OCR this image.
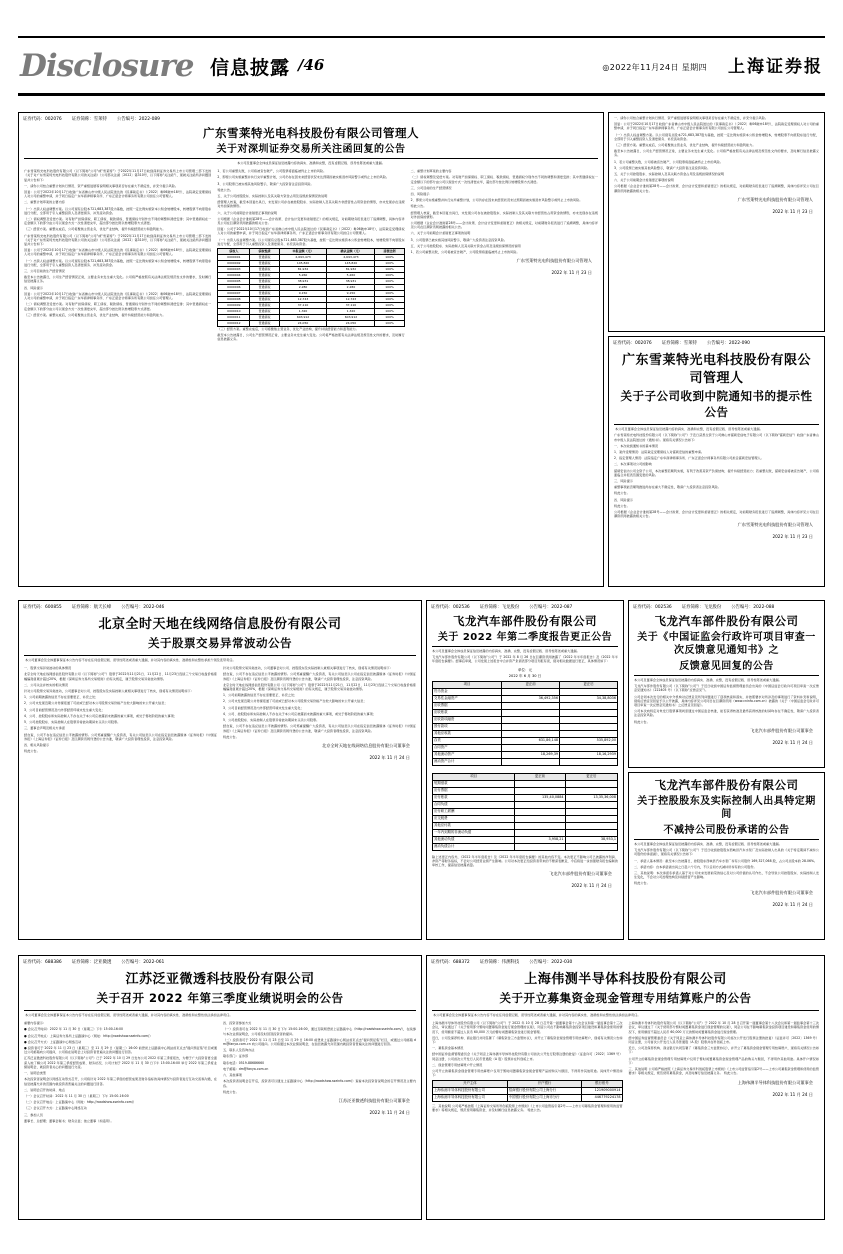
Disclosure 信息披露 /46	◎2022年11月24日 星期四 上海证券报
证券代码：002076 证券简称：雪莱特 公告编号：2022-089
广东雪莱特光电科技股份有限公司管理人
关于对深圳证券交易所关注函回复的公告
本公司及董事会全体成员保证信息披露内容的真实、准确和完整，没有虚假记载、误导性陈述或重大遗漏。
广东雪莱特光电科技股份有限公司（以下简称"公司"或"雪莱特"）于2022年11月17日收到深圳证券交易所上市公司管理二部下发的《关于对广东雪莱特光电科技股份有限公司的关注函》（公司部关注函〔2022〕第310号，以下简称"关注函"），现就关注函所涉问题回复并公告如下：
一、请你公司结合重整计划执行情况、资产重组进展等说明相关事项是否存在重大不确定性，并充分提示风险。
回复：公司于2022年10月17日收到广东省佛山市中级人民法院送达的《民事裁定书》（〔2022〕粤06破申18号），法院裁定受理债权人对公司的重整申请，并于同日指定广东华商律师事务所、广东正诺会计师事务所有限公司担任公司管理人。
二、重整计划草案的主要内容
（一）出资人权益调整方案。以公司现有总股本721,683,387股为基数，按照一定比例实施资本公积金转增股本，转增股票不向原股东进行分配，全部用于引入重整投资人及清偿债务、补充流动资金。
（二）债权调整及受偿方案。对有财产担保债权、职工债权、税款债权、普通债权分别作出不同的调整和清偿安排；其中普通债权在一定金额以下的部分由公司以现金方式一次性清偿完毕，超出部分按比例以转增股票方式清偿。
（三）经营方案。重整完成后，公司将聚焦主营业务，优化产业结构，提升持续经营能力和盈利能力。
广东雪莱特光电科技股份有限公司（以下简称"公司"或"雪莱特"）于2022年11月17日收到深圳证券交易所上市公司管理二部下发的《关于对广东雪莱特光电科技股份有限公司的关注函》（公司部关注函〔2022〕第310号，以下简称"关注函"），现就关注函所涉问题回复并公告如下：
回复：公司于2022年10月17日收到广东省佛山市中级人民法院送达的《民事裁定书》（〔2022〕粤06破申18号），法院裁定受理债权人对公司的重整申请，并于同日指定广东华商律师事务所、广东正诺会计师事务所有限公司担任公司管理人。
（一）出资人权益调整方案。以公司现有总股本721,683,387股为基数，按照一定比例实施资本公积金转增股本，转增股票不向原股东进行分配，全部用于引入重整投资人及清偿债务、补充流动资金。
三、公司目前的生产经营情况
截至本公告披露日，公司生产经营情况正常，主要业务未发生重大变化。公司将严格按照有关法律法规及规范性文件的要求，及时履行信息披露义务。
四、风险提示
回复：公司于2022年10月17日收到广东省佛山市中级人民法院送达的《民事裁定书》（〔2022〕粤06破申18号），法院裁定受理债权人对公司的重整申请，并于同日指定广东华商律师事务所、广东正诺会计师事务所有限公司担任公司管理人。
（二）债权调整及受偿方案。对有财产担保债权、职工债权、税款债权、普通债权分别作出不同的调整和清偿安排；其中普通债权在一定金额以下的部分由公司以现金方式一次性清偿完毕，超出部分按比例以转增股票方式清偿。
（三）经营方案。重整完成后，公司将聚焦主营业务，优化产业结构，提升持续经营能力和盈利能力。
1、若公司重整失败，公司将被宣告破产，公司股票将面临被终止上市的风险。
2、即使公司实施重整并执行完毕重整计划，公司仍存在因未来经营状况未达预期而被实施退市风险警示或终止上市的风险。
3、公司股票已被实施其他风险警示，敬请广大投资者注意投资风险。
特此公告。
五、关于公司控股股东、实际控制人及其关联方资金占用及违规担保情况的说明
经管理人核查，截至本回复出具日，未发现公司存在被控股股东、实际控制人及其关联方非经营性占用资金的情形，亦未发现存在违规对外担保的情形。
六、关于公司前期会计差错更正事项的说明
公司根据《企业会计准则第28号——会计政策、会计估计变更和差错更正》的相关规定，对前期财务报表进行了追溯调整，具体内容详见公司在巨潮资讯网披露的相关公告。
回复：公司于2022年10月17日收到广东省佛山市中级人民法院送达的《民事裁定书》（〔2022〕粤06破申18号），法院裁定受理债权人对公司的重整申请，并于同日指定广东华商律师事务所、广东正诺会计师事务所有限公司担任公司管理人。
（一）出资人权益调整方案。以公司现有总股本721,683,387股为基数，按照一定比例实施资本公积金转增股本，转增股票不向原股东进行分配，全部用于引入重整投资人及清偿债务、补充流动资金。
债权人	债权性质	申报金额（元）	确认金额（元）	清偿比例
0000001	普通债权	2,693,473	2,693,473	100%
0000002	普通债权	145,820	145,820	100%
0000003	普通债权	81,932	81,932	100%
0000004	普通债权	5,260	5,260	100%
0000005	普通债权	38,931	38,931	100%
0000006	普通债权	2,280	2,280	100%
0000007	普通债权	9,150	9,150	100%
0000008	普通债权	12,743	12,743	100%
0000009	普通债权	37,110	37,110	100%
0000010	普通债权	1,320	1,320	100%
0000011	普通债权	603,912	603,912	100%
0000012	普通债权	24,050	24,050	100%
（三）经营方案。重整完成后，公司将聚焦主营业务，优化产业结构，提升持续经营能力和盈利能力。
截至本公告披露日，公司生产经营情况正常，主要业务未发生重大变化。公司将严格按照有关法律法规及规范性文件的要求，及时履行信息披露义务。
二、重整计划草案的主要内容
（二）债权调整及受偿方案。对有财产担保债权、职工债权、税款债权、普通债权分别作出不同的调整和清偿安排；其中普通债权在一定金额以下的部分由公司以现金方式一次性清偿完毕，超出部分按比例以转增股票方式清偿。
三、公司目前的生产经营情况
四、风险提示
2、即使公司实施重整并执行完毕重整计划，公司仍存在因未来经营状况未达预期而被实施退市风险警示或终止上市的风险。
特此公告。
经管理人核查，截至本回复出具日，未发现公司存在被控股股东、实际控制人及其关联方非经营性占用资金的情形，亦未发现存在违规对外担保的情形。
公司根据《企业会计准则第28号——会计政策、会计估计变更和差错更正》的相关规定，对前期财务报表进行了追溯调整，具体内容详见公司在巨潮资讯网披露的相关公告。
六、关于公司前期会计差错更正事项的说明
3、公司股票已被实施其他风险警示，敬请广大投资者注意投资风险。
五、关于公司控股股东、实际控制人及其关联方资金占用及违规担保情况的说明
1、若公司重整失败，公司将被宣告破产，公司股票将面临被终止上市的风险。
广东雪莱特光电科技股份有限公司管理人
2022 年 11 月 23 日
一、请你公司结合重整计划执行情况、资产重组进展等说明相关事项是否存在重大不确定性，并充分提示风险。
回复：公司于2022年10月17日收到广东省佛山市中级人民法院送达的《民事裁定书》（〔2022〕粤06破申18号），法院裁定受理债权人对公司的重整申请，并于同日指定广东华商律师事务所、广东正诺会计师事务所有限公司担任公司管理人。
（一）出资人权益调整方案。以公司现有总股本721,683,387股为基数，按照一定比例实施资本公积金转增股本，转增股票不向原股东进行分配，全部用于引入重整投资人及清偿债务、补充流动资金。
（三）经营方案。重整完成后，公司将聚焦主营业务，优化产业结构，提升持续经营能力和盈利能力。
截至本公告披露日，公司生产经营情况正常，主要业务未发生重大变化。公司将严格按照有关法律法规及规范性文件的要求，及时履行信息披露义务。
1、若公司重整失败，公司将被宣告破产，公司股票将面临被终止上市的风险。
3、公司股票已被实施其他风险警示，敬请广大投资者注意投资风险。
五、关于公司控股股东、实际控制人及其关联方资金占用及违规担保情况的说明
六、关于公司前期会计差错更正事项的说明
公司根据《企业会计准则第28号——会计政策、会计估计变更和差错更正》的相关规定，对前期财务报表进行了追溯调整，具体内容详见公司在巨潮资讯网披露的相关公告。
广东雪莱特光电科技股份有限公司管理人
2022 年 11 月 23 日
证券代码：002076 证券简称：雪莱特 公告编号：2022-090
广东雪莱特光电科技股份有限公司管理人
关于子公司收到中院通知书的提示性公告
本公司及董事会全体成员保证信息披露内容的真实、准确和完整，没有虚假记载、误导性陈述或重大遗漏。
广东雪莱特光电科技股份有限公司（以下简称"公司"）于近日获悉全资子公司佛山市富硕宏信电子有限公司（以下简称"富硕宏信"）收到广东省佛山市中级人民法院送达的《通知书》。现将有关情况公告如下：
一、本次收到通知书的基本情况
1、案件受理情况：法院裁定受理债权人对富硕宏信的重整申请。
2、指定管理人情况：法院指定广东华商律师事务所、广东正诺会计师事务所有限公司担任富硕宏信管理人。
二、本次事项对公司的影响
富硕宏信为公司全资子公司，本次重整若顺利实施，有利于改善其资产负债结构，提升持续经营能力；若重整失败，富硕宏信将被宣告破产，公司将面临合并报表范围变更的风险。
三、风险提示
重整事项能否顺利推进尚存在重大不确定性，敬请广大投资者注意投资风险。
特此公告。
四、风险提示
特此公告。
公司根据《企业会计准则第28号——会计政策、会计估计变更和差错更正》的相关规定，对前期财务报表进行了追溯调整，具体内容详见公司在巨潮资讯网披露的相关公告。
广东雪莱特光电科技股份有限公司管理人
2022 年 11 月 23 日
证券代码：600855 证券简称：航天长峰 公告编号：2022-046
北京全时天地在线网络信息股份有限公司
关于股票交易异常波动公告
本公司董事会及全体董事保证本公告内容不存在任何虚假记载、误导性陈述或者重大遗漏，并对其内容的真实性、准确性和完整性承担个别及连带责任。
一、股票交易异常波动的具体情况
北京全时天地在线网络信息股份有限公司（以下简称"公司"）股票于2022年11月21日、11月22日、11月23日连续三个交易日收盘价格涨幅偏离值累计超过20%，根据《深圳证券交易所交易规则》的有关规定，属于股票交易异常波动情形。
二、公司关注并核实的相关情况
针对公司股票交易异常波动，公司董事会对公司、控股股东及实际控制人就相关事项进行了核实，现将有关情况说明如下：
1、公司前期披露的信息不存在需要更正、补充之处；
2、公司未发现近期公共传媒报道了可能或已经对本公司股票交易价格产生较大影响的未公开重大信息；
3、公司目前经营情况及内外部经营环境未发生重大变化；
4、公司、控股股东和实际控制人不存在关于本公司应披露而未披露的重大事项，或处于筹划阶段的重大事项；
5、公司控股股东、实际控制人在股票异常波动期间未买卖公司股票。
三、董事会声明及相关方承诺
经自查，公司不存在违反信息公平披露的情形。公司郑重提醒广大投资者，有关公司信息以公司在指定信息披露媒体《证券时报》《中国证券报》《上海证券报》《证券日报》及巨潮资讯网刊登的公告为准，敬请广大投资者理性投资，注意投资风险。
四、相关风险提示
特此公告。
针对公司股票交易异常波动，公司董事会对公司、控股股东及实际控制人就相关事项进行了核实，现将有关情况说明如下：
经自查，公司不存在违反信息公平披露的情形。公司郑重提醒广大投资者，有关公司信息以公司在指定信息披露媒体《证券时报》《中国证券报》《上海证券报》《证券日报》及巨潮资讯网刊登的公告为准，敬请广大投资者理性投资，注意投资风险。
北京全时天地在线网络信息股份有限公司（以下简称"公司"）股票于2022年11月21日、11月22日、11月23日连续三个交易日收盘价格涨幅偏离值累计超过20%，根据《深圳证券交易所交易规则》的有关规定，属于股票交易异常波动情形。
1、公司前期披露的信息不存在需要更正、补充之处；
2、公司未发现近期公共传媒报道了可能或已经对本公司股票交易价格产生较大影响的未公开重大信息；
3、公司目前经营情况及内外部经营环境未发生重大变化；
4、公司、控股股东和实际控制人不存在关于本公司应披露而未披露的重大事项，或处于筹划阶段的重大事项；
5、公司控股股东、实际控制人在股票异常波动期间未买卖公司股票。
经自查，公司不存在违反信息公平披露的情形。公司郑重提醒广大投资者，有关公司信息以公司在指定信息披露媒体《证券时报》《中国证券报》《上海证券报》《证券日报》及巨潮资讯网刊登的公告为准，敬请广大投资者理性投资，注意投资风险。
特此公告。
北京全时天地在线网络信息股份有限公司董事会
2022 年 11 月 24 日
证券代码：002536 证券简称：飞龙股份 公告编号：2022-087
飞龙汽车部件股份有限公司
关于 2022 年第二季度报告更正公告
本公司及董事会全体成员保证信息披露的内容真实、准确、完整，没有虚假记载、误导性陈述或重大遗漏。
飞龙汽车部件股份有限公司（以下简称"公司"）于 2022 年 8 月 26 日在巨潮资讯网披露了《2022 年半年度报告》及《2022 年半年度报告摘要》。经事后审阅，公司发现上述报告中合并资产负债表部分项目列报有误，现对相关数据进行更正，具体情况如下：
单位：元
2022 年 6 月 30 日
项目	更正前	更正后
货币资金		
交易性金融资产	36,492,356	34,38,8036
应收票据		
应收账款		
应收款项融资		
预付款项		
其他应收款		
存货	631,86,148	535,892,00
合同资产		
其他流动资产	18,269,39	18,16,2939
流动资产合计		
项目	更正前	更正后
短期借款		
应付票据		
应付账款	135,40,0884	13,35,36,008
合同负债		
应付职工薪酬		
应交税费		
其他应付款		
一年内到期的非流动负债		
其他流动负债	3,958,21	38,953,1
流动负债合计		
除上述更正内容外，《2022 年半年度报告》及《2022 年半年度报告摘要》的其他内容不变。本次更正不影响公司已披露的净利润、净资产等财务指标，不会对公司经营业绩产生影响。公司对本次更正给投资者带来的不便深表歉意，今后将进一步加强财务报告编制的审核工作，提高信息披露质量。
飞龙汽车部件股份有限公司董事会
2022 年 11 月 24 日
证券代码：002536 证券简称：飞龙股份 公告编号：2022-088
飞龙汽车部件股份有限公司
关于《中国证监会行政许可项目审查一次反馈意见通知书》之
反馈意见回复的公告
本公司及董事会全体成员保证信息披露的内容真实、准确、完整，没有虚假记载、误导性陈述或重大遗漏。
飞龙汽车部件股份有限公司（以下简称"公司"）于近日收到中国证券监督管理委员会出具的《中国证监会行政许可项目审查一次反馈意见通知书》（222405 号）（以下简称"反馈意见"）。
公司会同本次发行的相关中介机构对反馈意见所列问题进行了逐项核查和落实，并按照要求对所涉及的事项进行了资料补充和说明，现将反馈意见回复予以公开披露，具体内容详见公司同日在巨潮资讯网（www.cninfo.com.cn）披露的《关于〈中国证监会行政许可项目审查一次反馈意见通知书〉之反馈意见回复》。
公司本次向特定对象发行股票事项尚需通过中国证监会核准，能否获得核准及最终获得核准的时间均存在不确定性，敬请广大投资者注意投资风险。
特此公告。
飞龙汽车部件股份有限公司董事会
2022 年 11 月 24 日
飞龙汽车部件股份有限公司
关于控股股东及实际控制人出具特定期间
不减持公司股份承诺的公告
本公司及董事会全体成员保证信息披露的内容真实、准确、完整，没有虚假记载、误导性陈述或重大遗漏。
飞龙汽车部件股份有限公司（以下简称"公司"）于近日收到控股股东西峡县汽车水泵厂及实际控制人出具的《关于特定期间不减持公司股份的承诺函》，现将有关情况公告如下：
一、承诺人基本情况：截至本公告披露日，控股股东西峡县汽车水泵厂持有公司股份 169,327,068 股，占公司总股本的 28.06%。
二、承诺内容：自本承诺函出具之日起六个月内，不以任何方式减持所持有的公司股份。
三、其他说明：本次承诺系承诺人基于对公司未来发展前景的信心及对公司价值的认可作出，不会导致公司控股股东、实际控制人发生变化，不会对公司治理结构及持续经营产生影响。
特此公告。
飞龙汽车部件股份有限公司董事会
2022 年 11 月 24 日
证券代码：688386 证券简称：泛亚微透 公告编号：2022-061
江苏泛亚微透科技股份有限公司
关于召开 2022 年第三季度业绩说明会的公告
本公司董事会及全体董事保证本公告内容不存在任何虚假记载、误导性陈述或者重大遗漏，并对其内容的真实性、准确性和完整性依法承担法律责任。
重要内容提示：
● 会议召开时间：2022 年 11 月 30 日（星期三）下午 15:00-16:00
● 会议召开地点：上海证券交易所上证路演中心（网址：http://roadshow.sseinfo.com/）
● 会议召开方式：上证路演中心网络互动
● 投资者可于 2022 年 11 月 23 日（星期三）至 11 月 29 日（星期二）16:00 前登录上证路演中心网站首页点击"提问预征集"栏目或通过公司邮箱向公司提问，公司将在说明会上对投资者普遍关注的问题进行回答。
江苏泛亚微透科技股份有限公司（以下简称"公司"）已于 2022 年 10 月 29 日发布公司 2022 年第三季度报告，为便于广大投资者更全面深入地了解公司 2022 年第三季度经营成果、财务状况，公司计划于 2022 年 11 月 30 日下午 15:00-16:00 举行 2022 年第三季度业绩说明会，就投资者关心的问题进行交流。
一、说明会类型
本次投资者说明会以网络互动形式召开，公司将针对 2022 年第三季度的经营成果及财务指标的具体情况与投资者进行互动交流和沟通，在信息披露允许的范围内就投资者普遍关注的问题进行回答。
二、说明会召开的时间、地点
（一）会议召开时间：2022 年 11 月 30 日（星期三）下午 15:00-16:00
（二）会议召开地点：上证路演中心（网址：http://roadshow.sseinfo.com/）
（三）会议召开方式：上证路演中心网络互动
三、参加人员
董事长、总经理；董事会秘书；财务总监；独立董事（如适用）。
四、投资者参加方式
（一）投资者可在 2022 年 11 月 30 日下午 15:00-16:00，通过互联网登录上证路演中心（http://roadshow.sseinfo.com/），在线参与本次业绩说明会，公司将及时回答投资者的提问。
（二）投资者可于 2022 年 11 月 23 日至 11 月 29 日 16:00 前登录上证路演中心网站首页点击"提问预征集"栏目，或通过公司邮箱 dm@fanya.com.cn 向公司提问。公司将通过本次业绩说明会，在信息披露允许范围内就投资者普遍关注的问题进行回答。
五、联系人及咨询办法
联系部门：证券部
联系电话：0519-88686660
电子邮箱：dm@fanya.com.cn
六、其他事项
本次投资者说明会召开后，投资者可以通过上证路演中心（http://roadshow.sseinfo.com/）查看本次投资者说明会的召开情况及主要内容。
特此公告。
江苏泛亚微透科技股份有限公司董事会
2022 年 11 月 24 日
证券代码：688372 证券简称：伟测科技 公告编号：2022-030
上海伟测半导体科技股份有限公司
关于开立募集资金现金管理专用结算账户的公告
本公司董事会及全体董事保证本公告内容不存在任何虚假记载、误导性陈述或者重大遗漏，并对其内容的真实性、准确性和完整性依法承担法律责任。
上海伟测半导体科技股份有限公司（以下简称"公司"）于 2022 年 10 月 28 日召开第一届董事会第十八次会议和第一届监事会第十三次会议，审议通过了《关于使用部分暂时闲置募集资金进行现金管理的议案》，同意公司在不影响募集资金投资项目建设和募集资金使用的情况下，使用额度不超过人民币 60,000 万元的暂时闲置募集资金进行现金管理。
近日，公司及保荐机构、商业银行共同签署了《募集资金三方监管协议》，并开立了募集资金现金管理专用结算账户，现将有关情况公告如下：
一、募集资金基本情况
经中国证券监督管理委员会《关于同意上海伟测半导体科技股份有限公司首次公开发行股票注册的批复》（证监许可〔2022〕1369 号）同意注册，公司首次公开发行人民币普通股（A 股）股票并在科创板上市。
二、现金管理专用结算账户开立情况
公司开立的募集资金现金管理专用结算账户仅用于暂时闲置募集资金现金管理产品的购买与赎回，不得用作其他用途。具体开户情况如下：
开户主体	开户银行	银行账号
上海伟测半导体科技股份有限公司	招商银行股份有限公司上海分行	121909000914
上海伟测半导体科技股份有限公司	中国银行股份有限公司上海市分行	446779224178
三、其他说明 公司将严格按照《上海证券交易所科创板股票上市规则》《上市公司监管指引第2号——上市公司募集资金管理和使用的监管要求》等相关规定，规范使用募集资金，并及时履行信息披露义务。 特此公告。
上海伟测半导体科技股份有限公司（以下简称"公司"）于 2022 年 10 月 28 日召开第一届董事会第十八次会议和第一届监事会第十三次会议，审议通过了《关于使用部分暂时闲置募集资金进行现金管理的议案》，同意公司在不影响募集资金投资项目建设和募集资金使用的情况下，使用额度不超过人民币 60,000 万元的暂时闲置募集资金进行现金管理。
经中国证券监督管理委员会《关于同意上海伟测半导体科技股份有限公司首次公开发行股票注册的批复》（证监许可〔2022〕1369 号）同意注册，公司首次公开发行人民币普通股（A 股）股票并在科创板上市。
近日，公司及保荐机构、商业银行共同签署了《募集资金三方监管协议》，并开立了募集资金现金管理专用结算账户，现将有关情况公告如下：
公司开立的募集资金现金管理专用结算账户仅用于暂时闲置募集资金现金管理产品的购买与赎回，不得用作其他用途。具体开户情况如下：
三、其他说明 公司将严格按照《上海证券交易所科创板股票上市规则》《上市公司监管指引第2号——上市公司募集资金管理和使用的监管要求》等相关规定，规范使用募集资金，并及时履行信息披露义务。 特此公告。
上海伟测半导体科技股份有限公司董事会
2022 年 11 月 24 日
